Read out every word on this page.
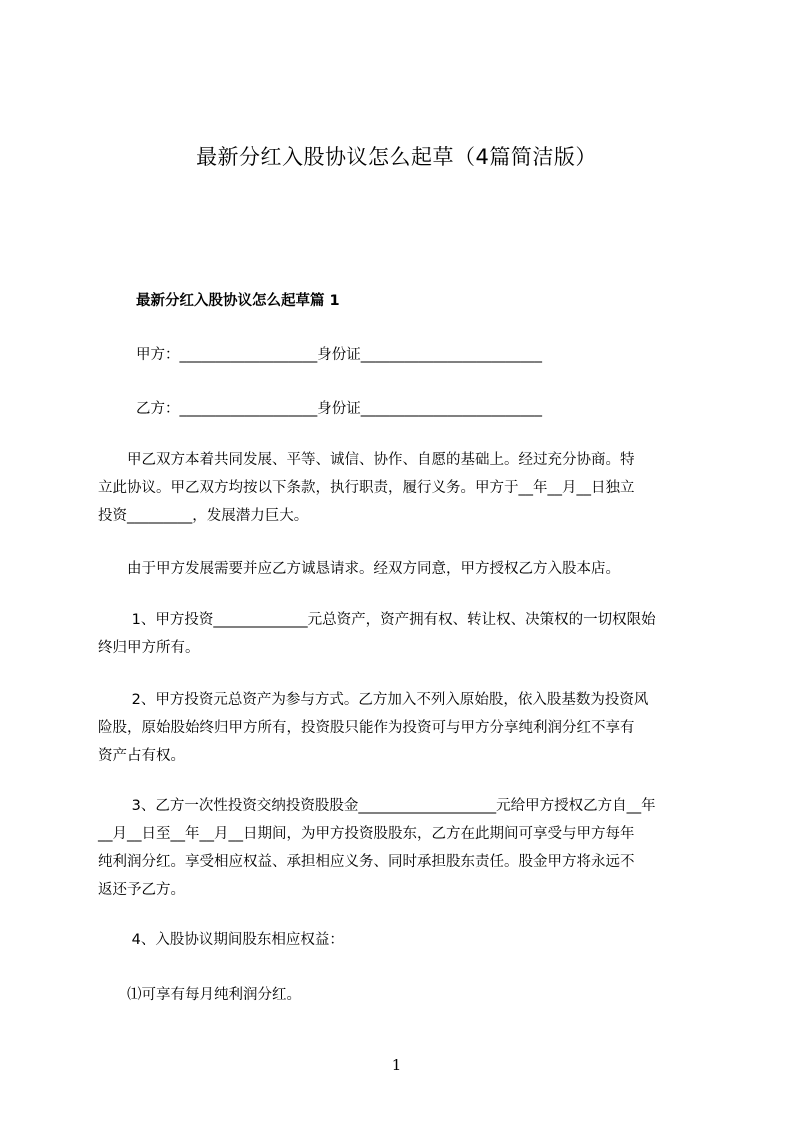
最新分红入股协议怎么起草（4篇简洁版）
最新分红入股协议怎么起草篇 1
甲方：___________________身份证_________________________
乙方：___________________身份证_________________________
　　甲乙双方本着共同发展、平等、诚信、协作、自愿的基础上。经过充分协商。特
立此协议。甲乙双方均按以下条款，执行职责，履行义务。甲方于__年__月__日独立
投资_________，发展潜力巨大。
　　由于甲方发展需要并应乙方诚恳请求。经双方同意，甲方授权乙方入股本店。
　　 1、甲方投资_____________元总资产，资产拥有权、转让权、决策权的一切权限始
终归甲方所有。
　　 2、甲方投资元总资产为参与方式。乙方加入不列入原始股，依入股基数为投资风
险股，原始股始终归甲方所有，投资股只能作为投资可与甲方分享纯利润分红不享有
资产占有权。
　　 3、乙方一次性投资交纳投资股股金___________________元给甲方授权乙方自__年
__月__日至__年__月__日期间，为甲方投资股股东，乙方在此期间可享受与甲方每年
纯利润分红。享受相应权益、承担相应义务、同时承担股东责任。股金甲方将永远不
返还予乙方。
　　 4、入股协议期间股东相应权益：
　　⑴可享有每月纯利润分红。
1
